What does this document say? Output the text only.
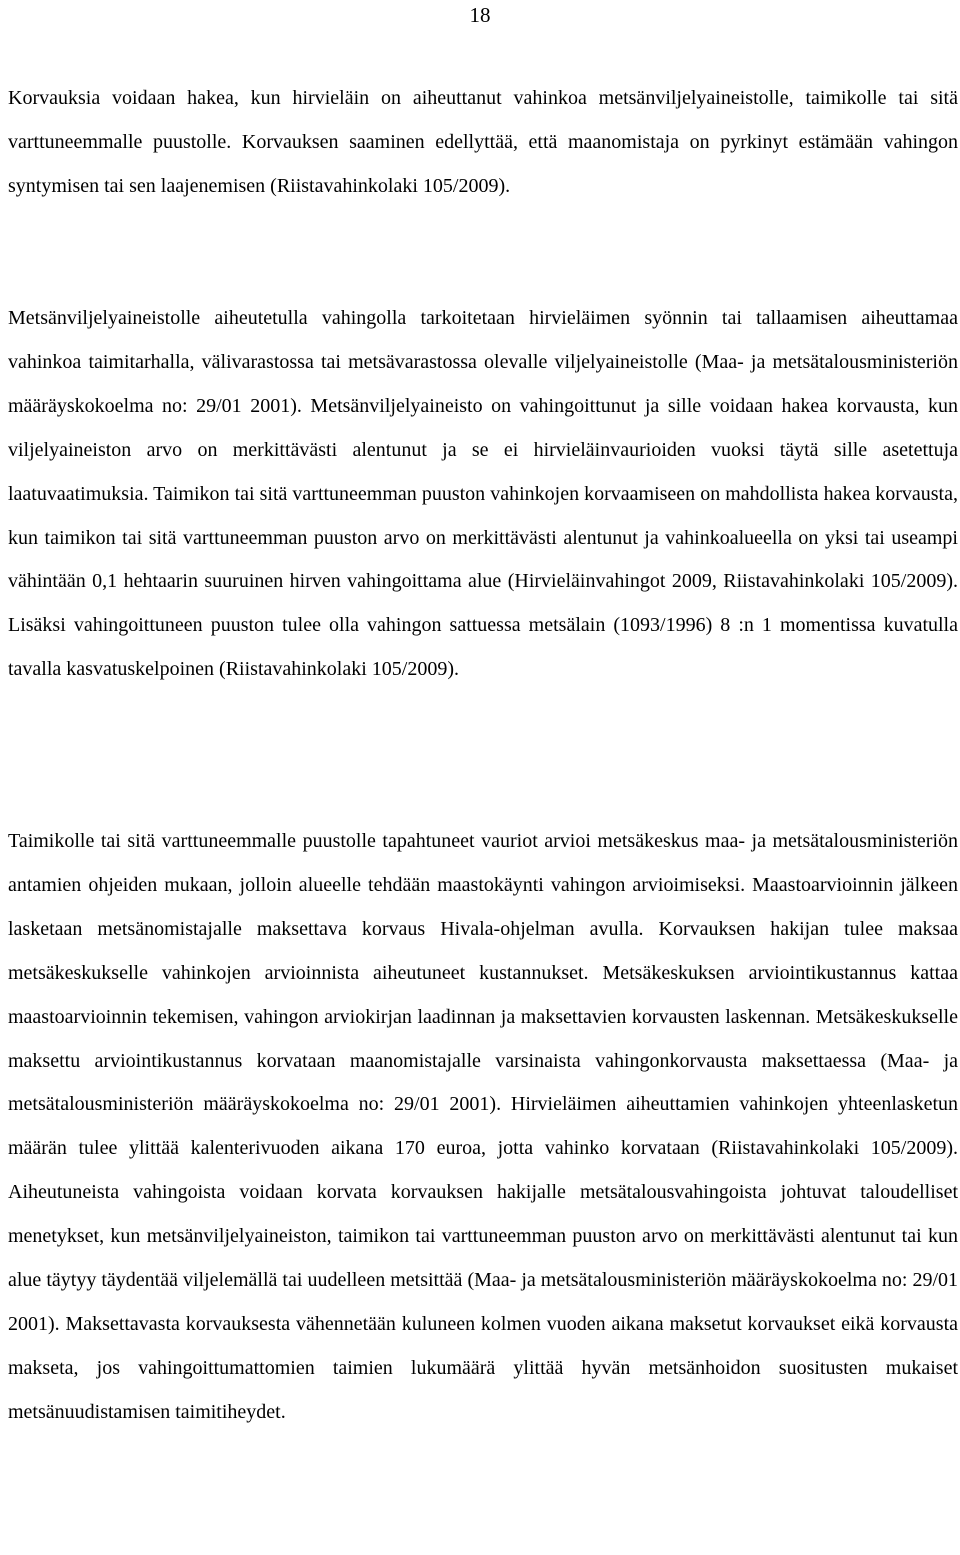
18

Korvauksia voidaan hakea, kun hirvieläin on aiheuttanut vahinkoa metsänviljelyaineistolle, taimikolle tai sitä varttuneemmalle puustolle. Korvauksen saaminen edellyttää, että maanomistaja on pyrkinyt estämään vahingon syntymisen tai sen laajenemisen (Riistavahinkolaki 105/2009).

Metsänviljelyaineistolle aiheutetulla vahingolla tarkoitetaan hirvieläimen syönnin tai tallaamisen aiheuttamaa vahinkoa taimitarhalla, välivarastossa tai metsävarastossa olevalle viljelyaineistolle (Maa- ja metsätalousministeriön määräyskokoelma no: 29/01 2001). Metsänviljelyaineisto on vahingoittunut ja sille voidaan hakea korvausta, kun viljelyaineiston arvo on merkittävästi alentunut ja se ei hirvieläinvaurioiden vuoksi täytä sille asetettuja laatuvaatimuksia. Taimikon tai sitä varttuneemman puuston vahinkojen korvaamiseen on mahdollista hakea korvausta, kun taimikon tai sitä varttuneemman puuston arvo on merkittävästi alentunut ja vahinkoalueella on yksi tai useampi vähintään 0,1 hehtaarin suuruinen hirven vahingoittama alue (Hirvieläinvahingot 2009, Riistavahinkolaki 105/2009). Lisäksi vahingoittuneen puuston tulee olla vahingon sattuessa metsälain (1093/1996) 8 :n 1 momentissa kuvatulla tavalla kasvatuskelpoinen (Riistavahinkolaki 105/2009).

Taimikolle tai sitä varttuneemmalle puustolle tapahtuneet vauriot arvioi metsäkeskus maa- ja metsätalousministeriön antamien ohjeiden mukaan, jolloin alueelle tehdään maastokäynti vahingon arvioimiseksi. Maastoarvioinnin jälkeen lasketaan metsänomistajalle maksettava korvaus Hivala-ohjelman avulla. Korvauksen hakijan tulee maksaa metsäkeskukselle vahinkojen arvioinnista aiheutuneet kustannukset. Metsäkeskuksen arviointikustannus kattaa maastoarvioinnin tekemisen, vahingon arviokirjan laadinnan ja maksettavien korvausten laskennan. Metsäkeskukselle maksettu arviointikustannus korvataan maanomistajalle varsinaista vahingonkorvausta maksettaessa (Maa- ja metsätalousministeriön määräyskokoelma no: 29/01 2001). Hirvieläimen aiheuttamien vahinkojen yhteenlasketun määrän tulee ylittää kalenterivuoden aikana 170 euroa, jotta vahinko korvataan (Riistavahinkolaki 105/2009). Aiheutuneista vahingoista voidaan korvata korvauksen hakijalle metsätalousvahingoista johtuvat taloudelliset menetykset, kun metsänviljelyaineiston, taimikon tai varttuneemman puuston arvo on merkittävästi alentunut tai kun alue täytyy täydentää viljelemällä tai uudelleen metsittää (Maa- ja metsätalousministeriön määräyskokoelma no: 29/01 2001). Maksettavasta korvauksesta vähennetään kuluneen kolmen vuoden aikana maksetut korvaukset eikä korvausta makseta, jos vahingoittumattomien taimien lukumäärä ylittää hyvän metsänhoidon suositusten mukaiset metsänuudistamisen taimitiheydet.
